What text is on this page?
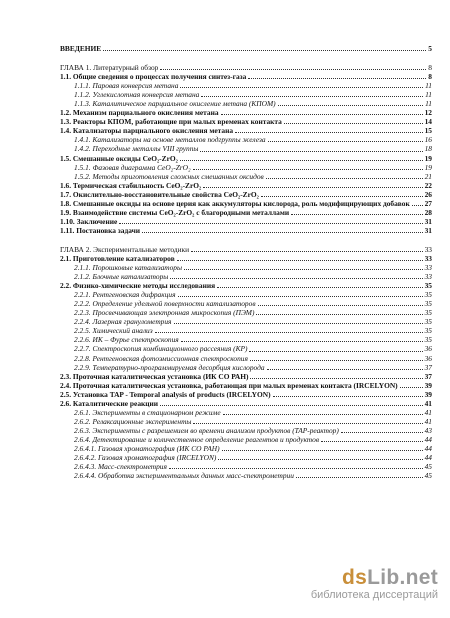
ВВЕДЕНИЕ	5
ГЛАВА 1. Литературный обзор	8
1.1. Общие сведения о процессах получения синтез-газа	8
1.1.1. Паровая конверсия метана	11
1.1.2. Углекислотная конверсия метана	11
1.1.3. Каталитическое парциальное окисление метана (КПОМ)	11
1.2. Механизм парциального окисления метана	12
1.3. Реакторы КПОМ, работающие при малых временах контакта	14
1.4. Катализаторы парциального окисления метана	15
1.4.1. Катализаторы на основе металлов подгруппы железа	16
1.4.2. Переходные металлы VIII группы	18
1.5. Смешанные оксиды CeO₂-ZrO₂	19
1.5.1. Фазовая диаграмма CeO₂-ZrO₂	19
1.5.2. Методы приготовления сложных смешанных оксидов	21
1.6. Термическая стабильность CeO₂-ZrO₂	22
1.7. Окислительно-восстановительные свойства CeO₂-ZrO₂	26
1.8. Смешанные оксиды на основе церия как аккумуляторы кислорода, роль модифицирующих добавок 27
1.9. Взаимодействие системы CeO₂-ZrO₂ с благородными металлами	28
1.10. Заключение	31
1.11. Постановка задачи	31
ГЛАВА 2. Экспериментальные методики	33
2.1. Приготовление катализаторов	33
2.1.1. Порошковые катализаторы	33
2.1.2. Блочные катализаторы	33
2.2. Физико-химические методы исследования	35
2.2.1. Рентгеновская дифракция	35
2.2.2. Определение удельной поверхности катализаторов	35
2.2.3. Просвечивающая электронная микроскопия (ПЭМ)	35
2.2.4. Лазерная гранулометрия	35
2.2.5. Химический анализ	35
2.2.6. ИК – Фурье спектроскопия	35
2.2.7. Спектроскопия комбинационного рассеяния (КР)	36
2.2.8. Рентгеновская фотоэмиссионная спектроскопия	36
2.2.9. Температурно-программируемая десорбция кислорода	37
2.3. Проточная каталитическая установка (ИК СО РАН)	37
2.4. Проточная каталитическая установка, работающая при малых временах контакта (IRCELYON)	39
2.5. Установка TAP - Temporal analysis of products (IRCELYON)	39
2.6. Каталитические реакции	41
2.6.1. Эксперименты в стационарном режиме	41
2.6.2. Релаксационные эксперименты	41
2.6.3. Эксперименты с разрешением во времени анализом продуктов (TAP-реактор)	43
2.6.4. Детектирование и количественное определение реагентов и продуктов	44
2.6.4.1. Газовая хроматография (ИК СО РАН)	44
2.6.4.2. Газовая хроматография (IRCELYON)	44
2.6.4.3. Масс-спектрометрия	45
2.6.4.4. Обработка экспериментальных данных масс-спектрометрии	45
dsLib.net
библиотека диссертаций
